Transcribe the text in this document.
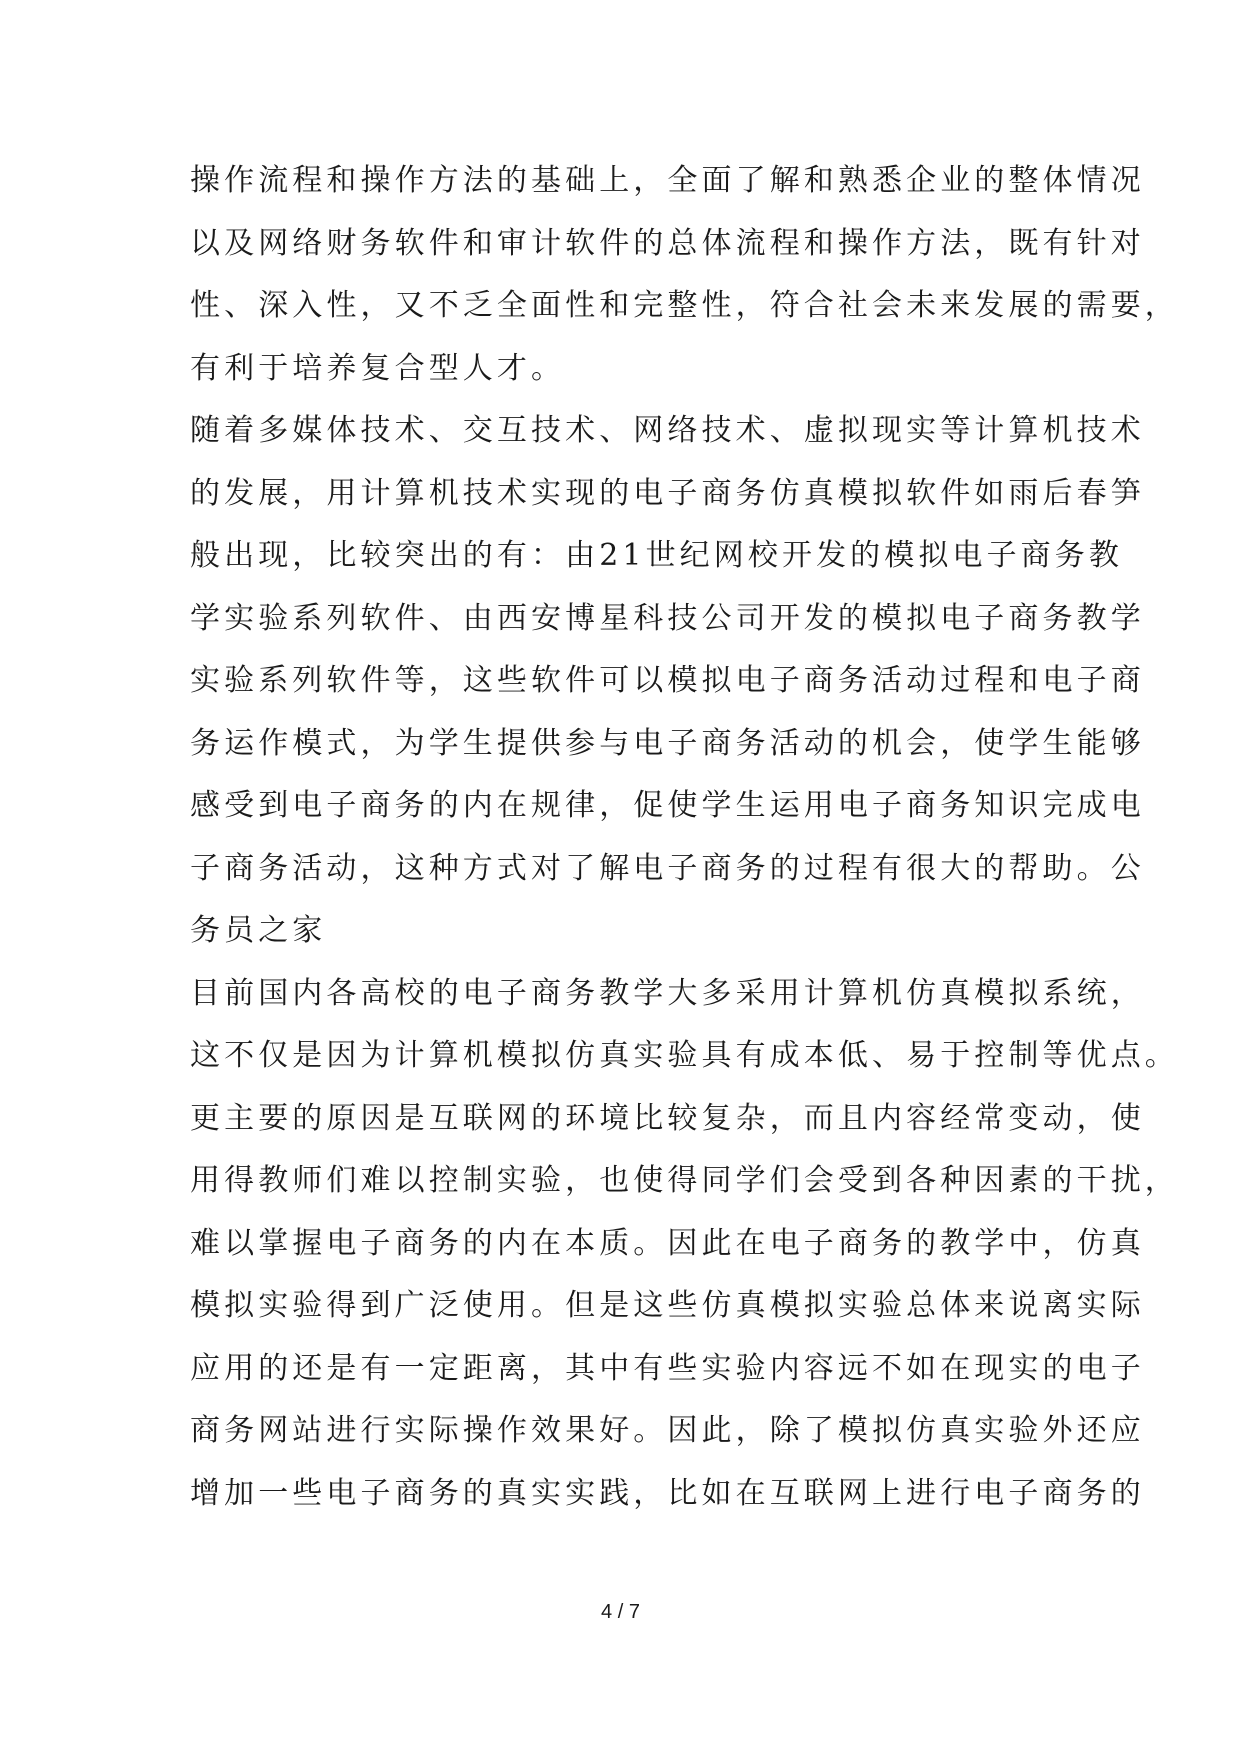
操作流程和操作方法的基础上，全面了解和熟悉企业的整体情况
以及网络财务软件和审计软件的总体流程和操作方法，既有针对
性、深入性，又不乏全面性和完整性，符合社会未来发展的需要，
有利于培养复合型人才。
随着多媒体技术、交互技术、网络技术、虚拟现实等计算机技术
的发展，用计算机技术实现的电子商务仿真模拟软件如雨后春笋
般出现，比较突出的有：由21世纪网校开发的模拟电子商务教
学实验系列软件、由西安博星科技公司开发的模拟电子商务教学
实验系列软件等，这些软件可以模拟电子商务活动过程和电子商
务运作模式，为学生提供参与电子商务活动的机会，使学生能够
感受到电子商务的内在规律，促使学生运用电子商务知识完成电
子商务活动，这种方式对了解电子商务的过程有很大的帮助。公
务员之家
目前国内各高校的电子商务教学大多采用计算机仿真模拟系统，
这不仅是因为计算机模拟仿真实验具有成本低、易于控制等优点。
更主要的原因是互联网的环境比较复杂，而且内容经常变动，使
用得教师们难以控制实验，也使得同学们会受到各种因素的干扰，
难以掌握电子商务的内在本质。因此在电子商务的教学中，仿真
模拟实验得到广泛使用。但是这些仿真模拟实验总体来说离实际
应用的还是有一定距离，其中有些实验内容远不如在现实的电子
商务网站进行实际操作效果好。因此，除了模拟仿真实验外还应
增加一些电子商务的真实实践，比如在互联网上进行电子商务的
4 / 7
